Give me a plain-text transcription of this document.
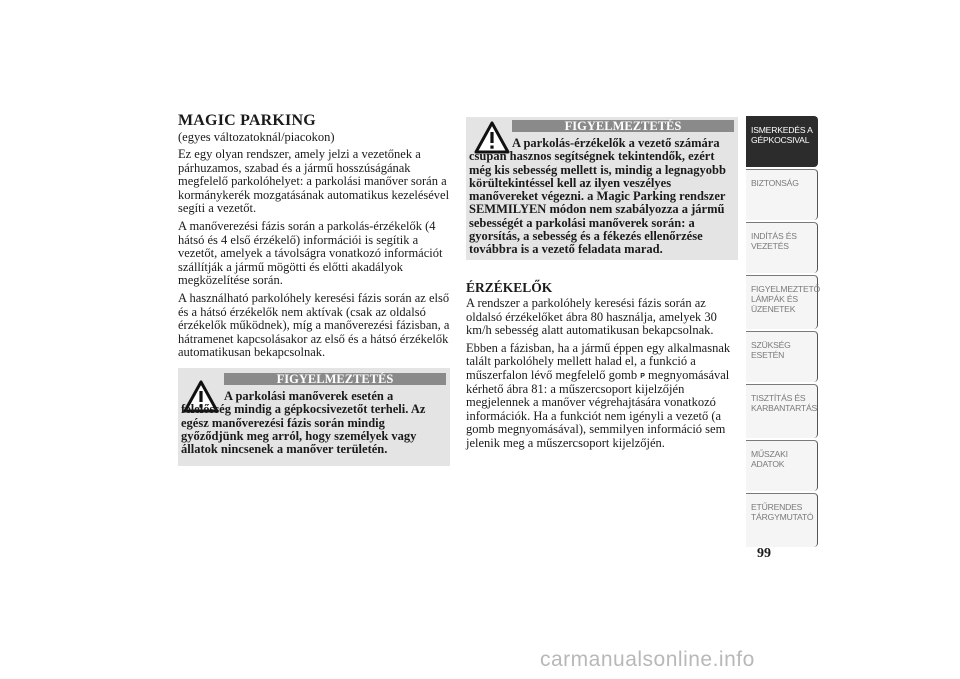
MAGIC PARKING

(egyes változatoknál/piacokon)

Ez egy olyan rendszer, amely jelzi a vezetőnek a párhuzamos, szabad és a jármű hosszúságának megfelelő parkolóhelyet: a parkolási manőver során a kormánykerék mozgatásának automatikus kezelésével segíti a vezetőt.

A manőverezési fázis során a parkolás-érzékelők (4 hátsó és 4 első érzékelő) információi is segítik a vezetőt, amelyek a távolságra vonatkozó információt szállítják a jármű mögötti és előtti akadályok megközelítése során.

A használható parkolóhely keresési fázis során az első és a hátsó érzékelők nem aktívak (csak az oldalsó érzékelők működnek), míg a manőverezési fázisban, a hátramenet kapcsolásakor az első és a hátsó érzékelők automatikusan bekapcsolnak.

FIGYELMEZTETÉS
A parkolási manőverek esetén a felelősség mindig a gépkocsivezetőt terheli. Az egész manőverezési fázis során mindig győződjünk meg arról, hogy személyek vagy állatok nincsenek a manőver területén.
FIGYELMEZTETÉS
A parkolás-érzékelők a vezető számára csupán hasznos segítségnek tekintendők, ezért még kis sebesség mellett is, mindig a legnagyobb körültekintéssel kell az ilyen veszélyes manővereket végezni. a Magic Parking rendszer SEMMILYEN módon nem szabályozza a jármű sebességét a parkolási manőverek során: a gyorsítás, a sebesség és a fékezés ellenőrzése továbbra is a vezető feladata marad.
ÉRZÉKELŐK

A rendszer a parkolóhely keresési fázis során az oldalsó érzékelőket ábra 80 használja, amelyek 30 km/h sebesség alatt automatikusan bekapcsolnak.

Ebben a fázisban, ha a jármű éppen egy alkalmasnak talált parkolóhely mellett halad el, a funkció a műszerfalon lévő megfelelő gomb P megnyomásával kérhető ábra 81: a műszercsoport kijelzőjén megjelennek a manőver végrehajtására vonatkozó információk. Ha a funkciót nem igényli a vezető (a gomb megnyomásával), semmilyen információ sem jelenik meg a műszercsoport kijelzőjén.

ISMERKEDÉS A GÉPKOCSIVAL
BIZTONSÁG
INDÍTÁS ÉS VEZETÉS
FIGYELMEZTETŐ LÁMPÁK ÉS ÜZENETEK
SZÜKSÉG ESETÉN
TISZTÍTÁS ÉS KARBANTARTÁS
MŰSZAKI ADATOK
ETŰRENDES TÁRGYMUTATÓ
99
carmanualsonline.info
